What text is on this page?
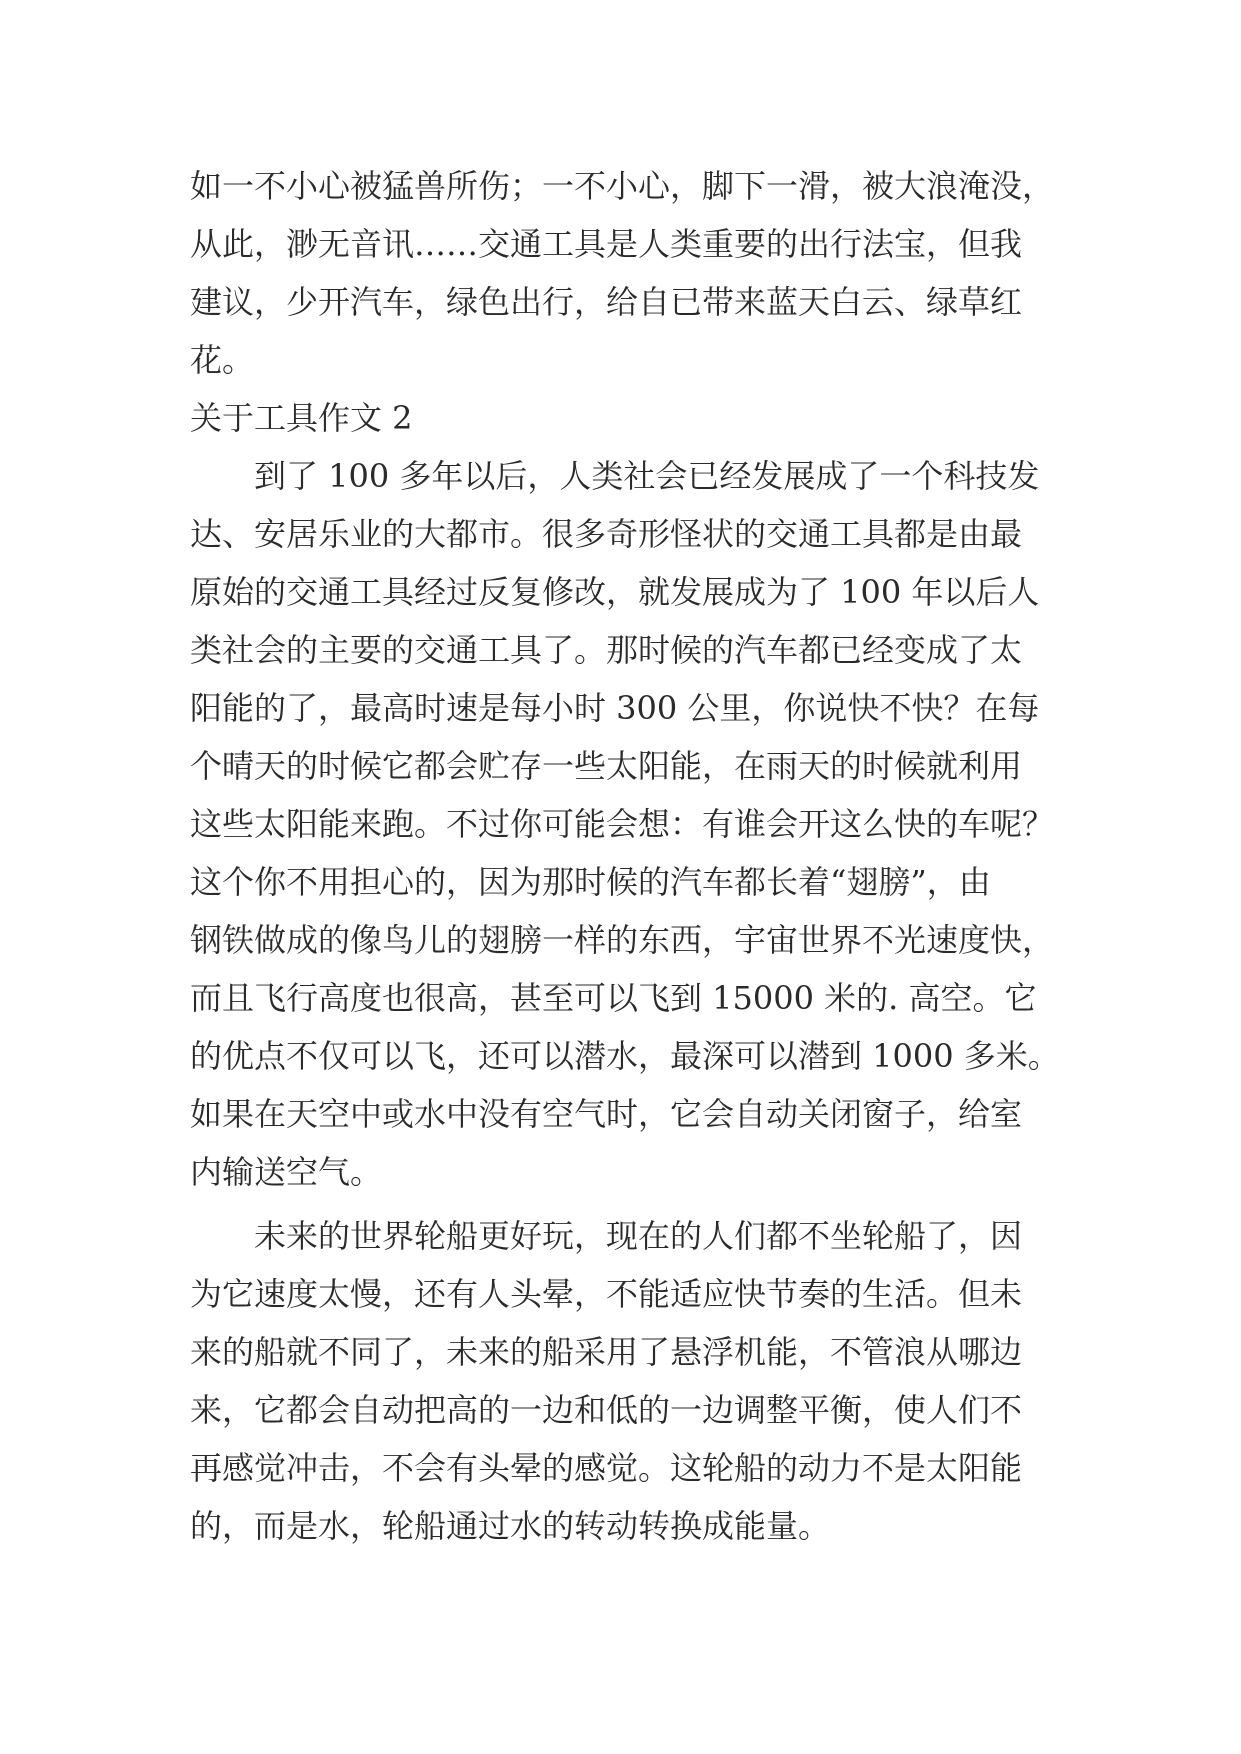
如一不小心被猛兽所伤；一不小心，脚下一滑，被大浪淹没，
从此，渺无音讯……交通工具是人类重要的出行法宝，但我
建议，少开汽车，绿色出行，给自已带来蓝天白云、绿草红
花。
关于工具作文 2
到了 100 多年以后，人类社会已经发展成了一个科技发
达、安居乐业的大都市。很多奇形怪状的交通工具都是由最
原始的交通工具经过反复修改，就发展成为了 100 年以后人
类社会的主要的交通工具了。那时候的汽车都已经变成了太
阳能的了，最高时速是每小时 300 公里，你说快不快？在每
个晴天的时候它都会贮存一些太阳能，在雨天的时候就利用
这些太阳能来跑。不过你可能会想：有谁会开这么快的车呢？
这个你不用担心的，因为那时候的汽车都长着“翅膀”，由
钢铁做成的像鸟儿的翅膀一样的东西，宇宙世界不光速度快，
而且飞行高度也很高，甚至可以飞到 15000 米的. 高空。它
的优点不仅可以飞，还可以潜水，最深可以潜到 1000 多米。
如果在天空中或水中没有空气时，它会自动关闭窗子，给室
内输送空气。
未来的世界轮船更好玩，现在的人们都不坐轮船了，因
为它速度太慢，还有人头晕，不能适应快节奏的生活。但未
来的船就不同了，未来的船采用了悬浮机能，不管浪从哪边
来，它都会自动把高的一边和低的一边调整平衡，使人们不
再感觉冲击，不会有头晕的感觉。这轮船的动力不是太阳能
的，而是水，轮船通过水的转动转换成能量。
